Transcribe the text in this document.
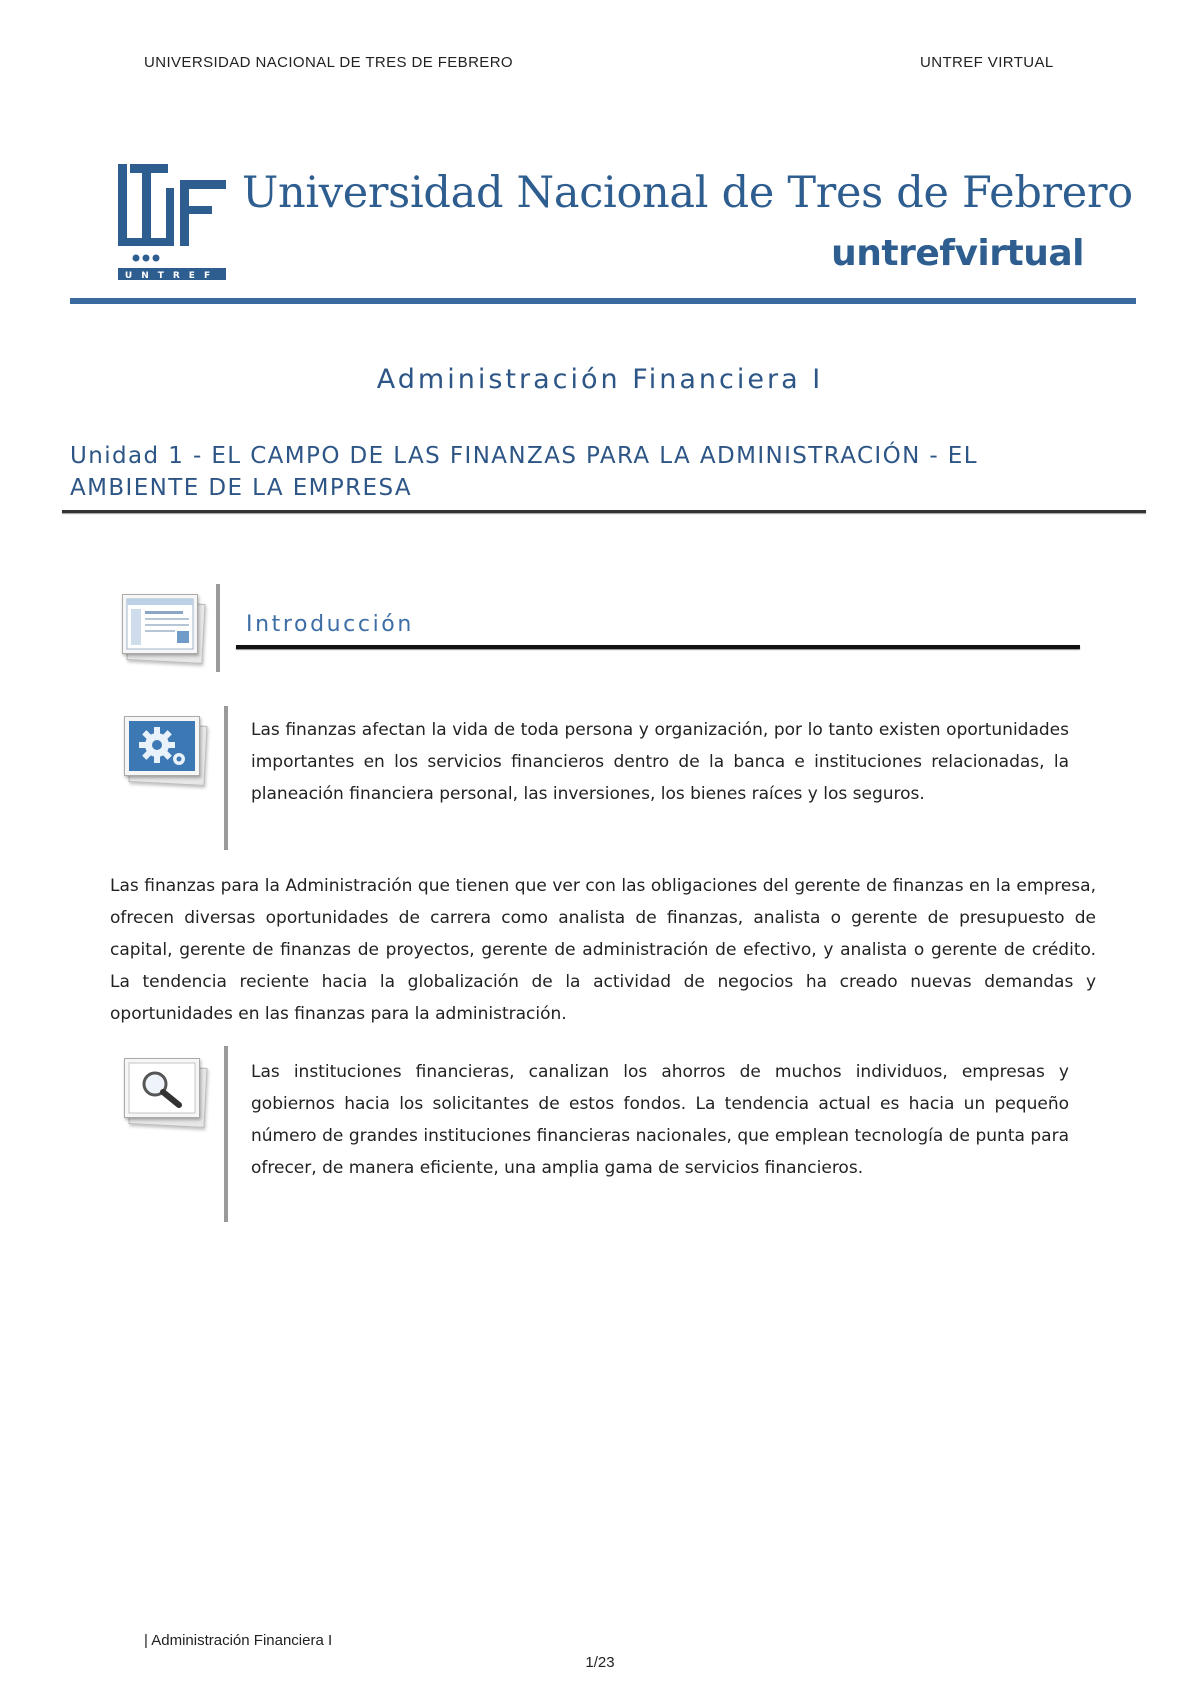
UNIVERSIDAD NACIONAL DE TRES DE FEBRERO	UNTREF VIRTUAL
UNTREF
Universidad Nacional de Tres de Febrero
untrefvirtual
Administración Financiera I
Unidad 1 - EL CAMPO DE LAS FINANZAS PARA LA ADMINISTRACIÓN - EL AMBIENTE DE LA EMPRESA
Introducción
Las finanzas afectan la vida de toda persona y organización, por lo tanto existen oportunidades importantes en los servicios financieros dentro de la banca e instituciones relacionadas, la planeación financiera personal, las inversiones, los bienes raíces y los seguros.
Las finanzas para la Administración que tienen que ver con las obligaciones del gerente de finanzas en la empresa, ofrecen diversas oportunidades de carrera como analista de finanzas, analista o gerente de presupuesto de capital, gerente de finanzas de proyectos, gerente de administración de efectivo, y analista o gerente de crédito. La tendencia reciente hacia la globalización de la actividad de negocios ha creado nuevas demandas y oportunidades en las finanzas para la administración.
Las instituciones financieras, canalizan los ahorros de muchos individuos, empresas y gobiernos hacia los solicitantes de estos fondos. La tendencia actual es hacia un pequeño número de grandes instituciones financieras nacionales, que emplean tecnología de punta para ofrecer, de manera eficiente, una amplia gama de servicios financieros.
| Administración Financiera I
1/23
